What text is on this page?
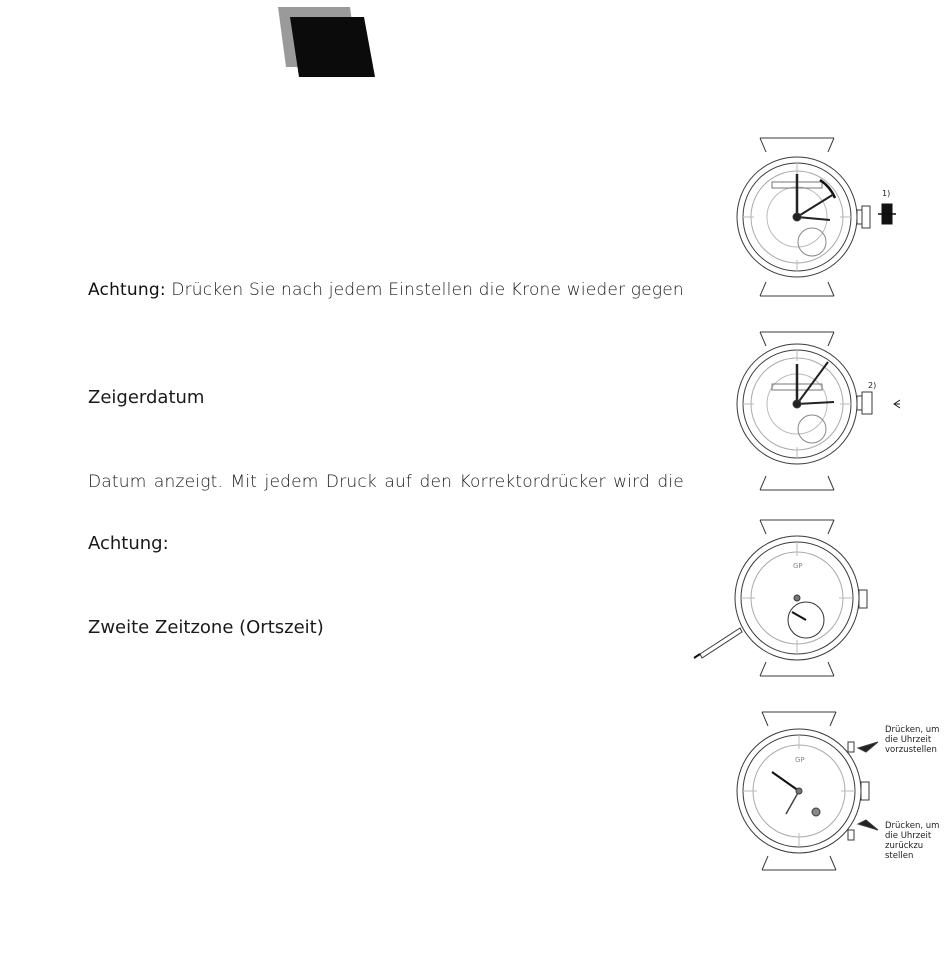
Achtung: Drücken Sie nach jedem Einstellen die Krone wieder gegen
Zeigerdatum
Datum anzeigt. Mit jedem Druck auf den Korrektordrücker wird die
Achtung:
Zweite Zeitzone (Ortszeit)
1)
2)
GP
GP
Drücken, um
die Uhrzeit
vorzustellen
Drücken, um
die Uhrzeit
zurückzu
stellen
